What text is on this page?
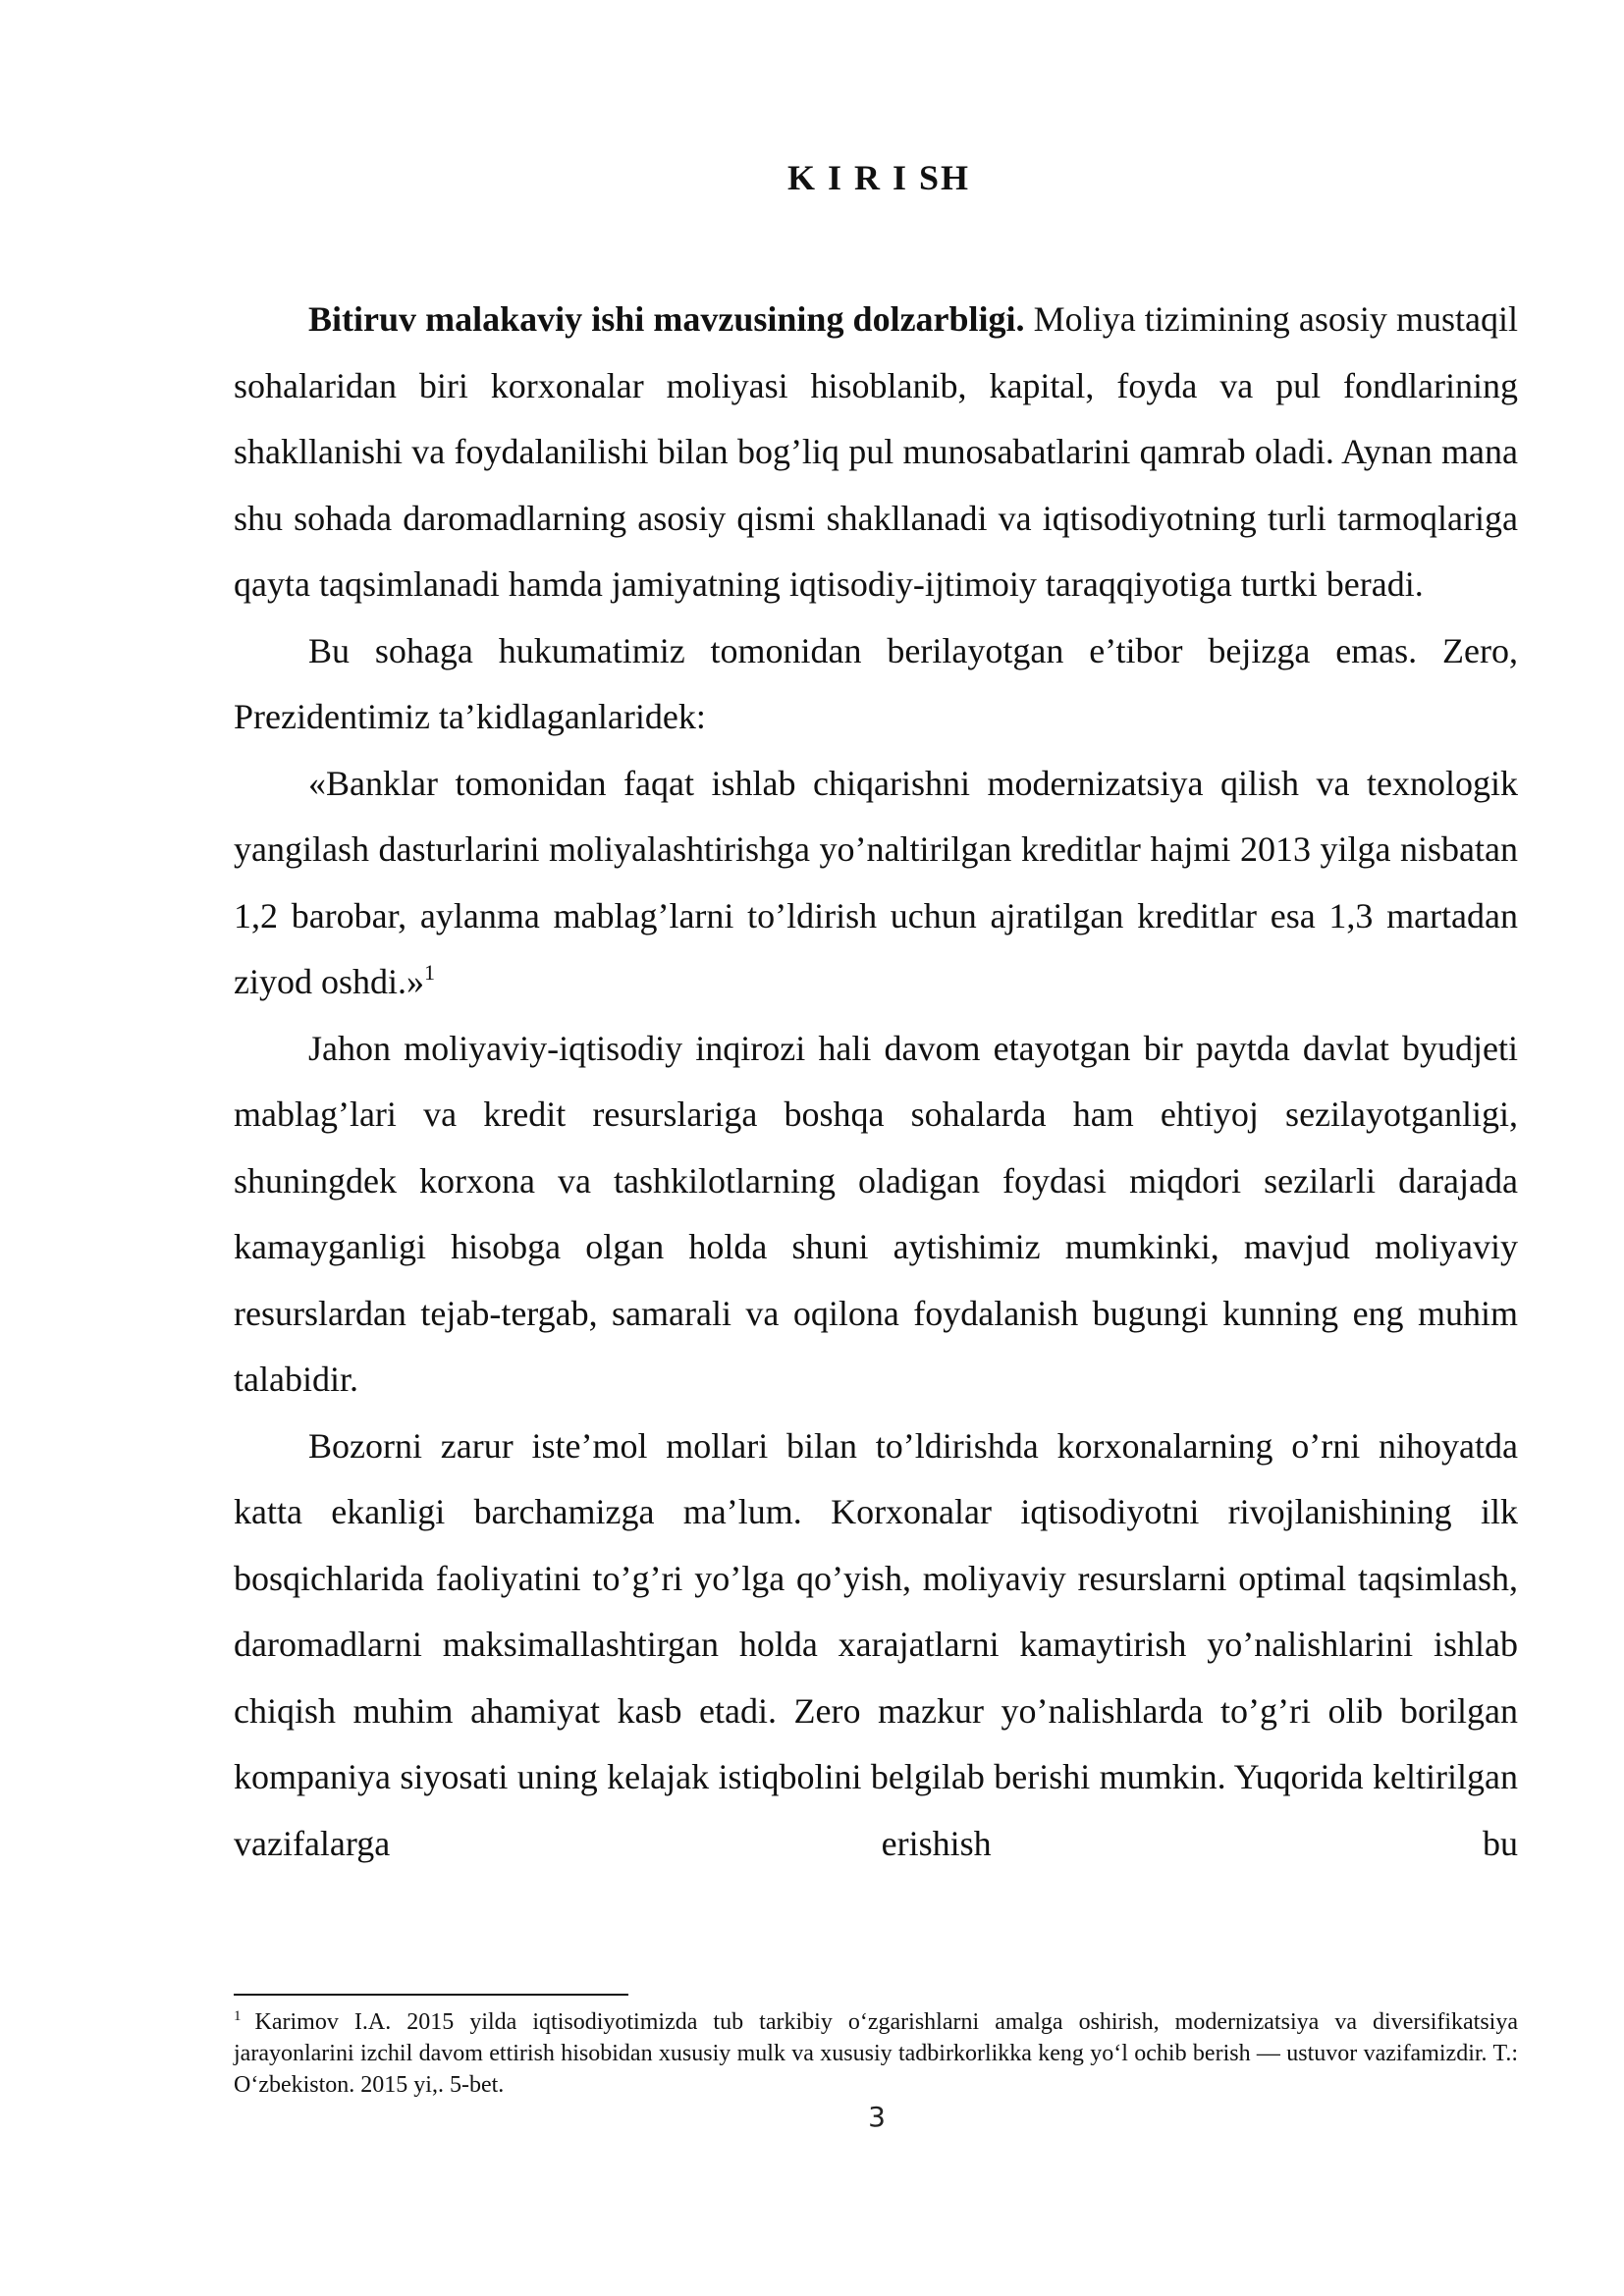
K I R I SH

Bitiruv malakaviy ishi mavzusining dolzarbligi. Moliya tizimining asosiy mustaqil sohalaridan biri korxonalar moliyasi hisoblanib, kapital, foyda va pul fondlarining shakllanishi va foydalanilishi bilan bog’liq pul munosabatlarini qamrab oladi. Aynan mana shu sohada daromadlarning asosiy qismi shakllanadi va iqtisodiyotning turli tarmoqlariga qayta taqsimlanadi hamda jamiyatning iqtisodiy-ijtimoiy taraqqiyotiga turtki beradi.

Bu sohaga hukumatimiz tomonidan berilayotgan e’tibor bejizga emas. Zero, Prezidentimiz ta’kidlaganlaridek:

«Banklar tomonidan faqat ishlab chiqarishni modernizatsiya qilish va texnologik yangilash dasturlarini moliyalashtirishga yo’naltirilgan kreditlar hajmi 2013 yilga nisbatan 1,2 barobar, aylanma mablag’larni to’ldirish uchun ajratilgan kreditlar esa 1,3 martadan ziyod oshdi.»$^1$

Jahon moliyaviy-iqtisodiy inqirozi hali davom etayotgan bir paytda davlat byudjeti mablag’lari va kredit resurslariga boshqa sohalarda ham ehtiyoj sezilayotganligi, shuningdek korxona va tashkilotlarning oladigan foydasi miqdori sezilarli darajada kamayganligi hisobga olgan holda shuni aytishimiz mumkinki, mavjud moliyaviy resurslardan tejab-tergab, samarali va oqilona foydalanish bugungi kunning eng muhim talabidir.

Bozorni zarur iste’mol mollari bilan to’ldirishda korxonalarning o’rni nihoyatda katta ekanligi barchamizga ma’lum. Korxonalar iqtisodiyotni rivojlanishining ilk bosqichlarida faoliyatini to’g’ri yo’lga qo’yish, moliyaviy resurslarni optimal taqsimlash, daromadlarni maksimallashtirgan holda xarajatlarni kamaytirish yo’nalishlarini ishlab chiqish muhim ahamiyat kasb etadi. Zero mazkur yo’nalishlarda to’g’ri olib borilgan kompaniya siyosati uning kelajak istiqbolini belgilab berishi mumkin. Yuqorida keltirilgan vazifalarga erishish bu

$^1$ Karimov I.A. 2015 yilda iqtisodiyotimizda tub tarkibiy o‘zgarishlarni amalga oshirish, modernizatsiya va diversifikatsiya jarayonlarini izchil davom ettirish hisobidan xususiy mulk va xususiy tadbirkorlikka keng yo‘l ochib berish — ustuvor vazifamizdir. T.: O‘zbekiston. 2015 yi,. 5-bet.
3
